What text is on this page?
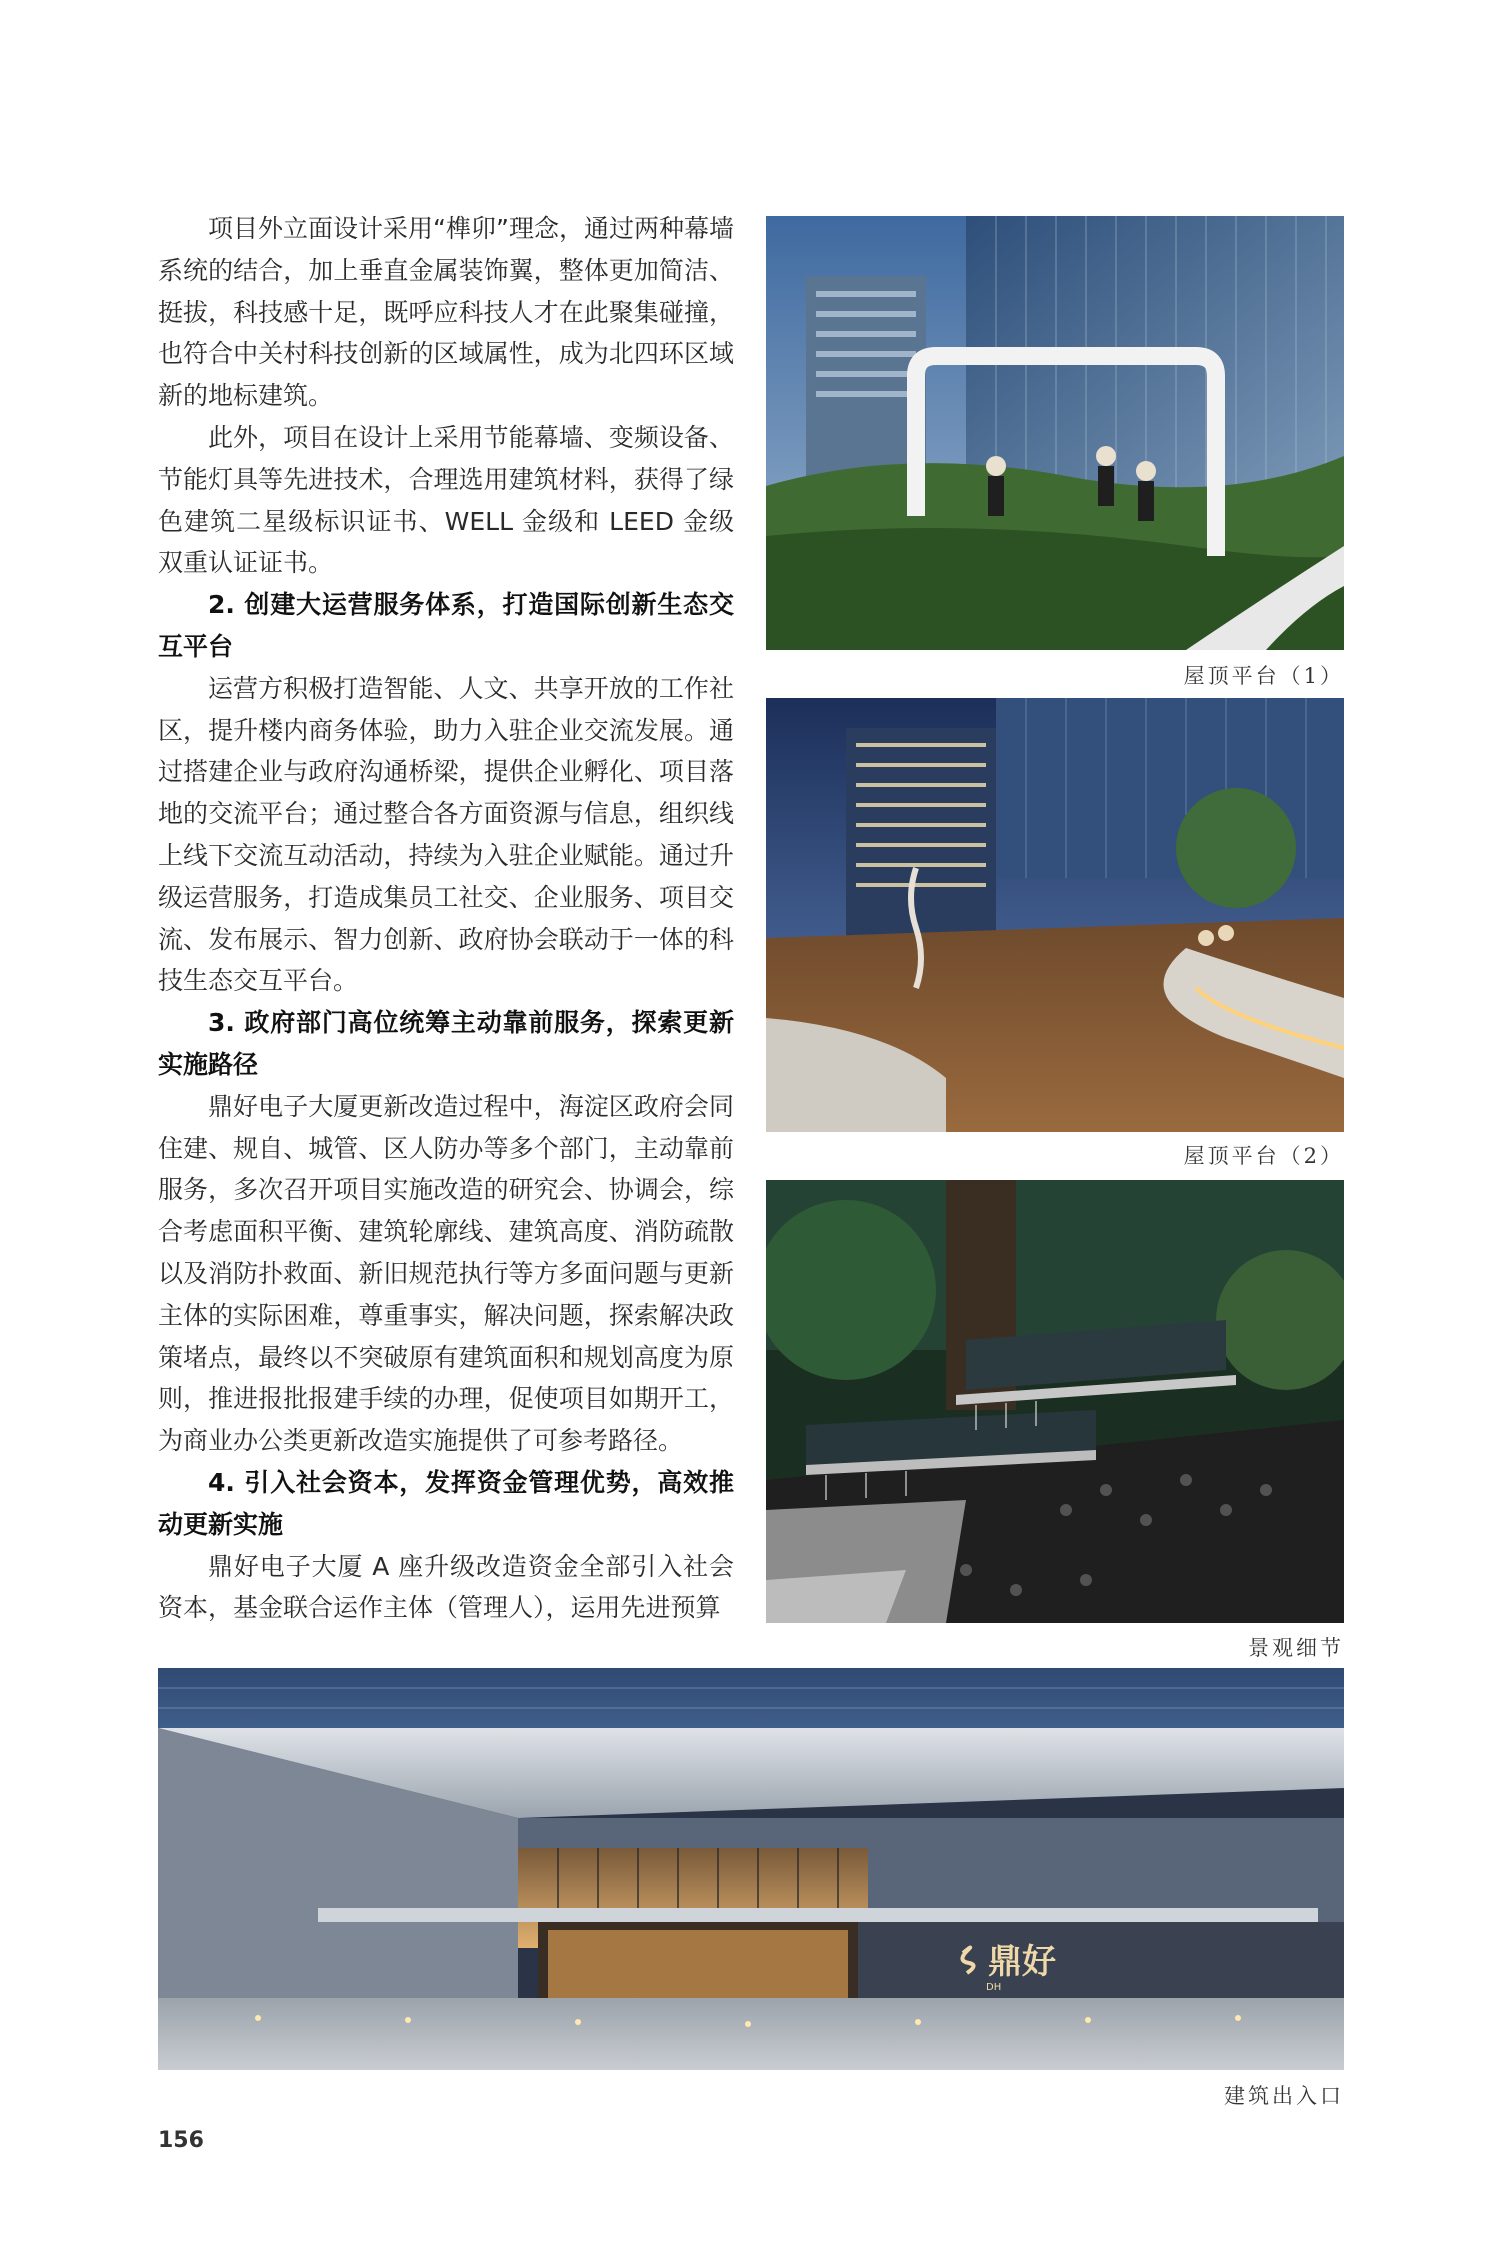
项目外立面设计采用“榫卯”理念，通过两种幕墙系统的结合，加上垂直金属装饰翼，整体更加简洁、挺拔，科技感十足，既呼应科技人才在此聚集碰撞，也符合中关村科技创新的区域属性，成为北四环区域新的地标建筑。

此外，项目在设计上采用节能幕墙、变频设备、节能灯具等先进技术，合理选用建筑材料，获得了绿色建筑二星级标识证书、WELL 金级和 LEED 金级双重认证证书。

2. 创建大运营服务体系，打造国际创新生态交互平台

运营方积极打造智能、人文、共享开放的工作社区，提升楼内商务体验，助力入驻企业交流发展。通过搭建企业与政府沟通桥梁，提供企业孵化、项目落地的交流平台；通过整合各方面资源与信息，组织线上线下交流互动活动，持续为入驻企业赋能。通过升级运营服务，打造成集员工社交、企业服务、项目交流、发布展示、智力创新、政府协会联动于一体的科技生态交互平台。

3. 政府部门高位统筹主动靠前服务，探索更新实施路径

鼎好电子大厦更新改造过程中，海淀区政府会同住建、规自、城管、区人防办等多个部门，主动靠前服务，多次召开项目实施改造的研究会、协调会，综合考虑面积平衡、建筑轮廓线、建筑高度、消防疏散以及消防扑救面、新旧规范执行等方多面问题与更新主体的实际困难，尊重事实，解决问题，探索解决政策堵点，最终以不突破原有建筑面积和规划高度为原则，推进报批报建手续的办理，促使项目如期开工，为商业办公类更新改造实施提供了可参考路径。

4. 引入社会资本，发挥资金管理优势，高效推动更新实施

鼎好电子大厦 A 座升级改造资金全部引入社会资本，基金联合运作主体（管理人），运用先进预算

屋顶平台（1）
屋顶平台（2）
景观细节
鼎好
DH
建筑出入口
156
